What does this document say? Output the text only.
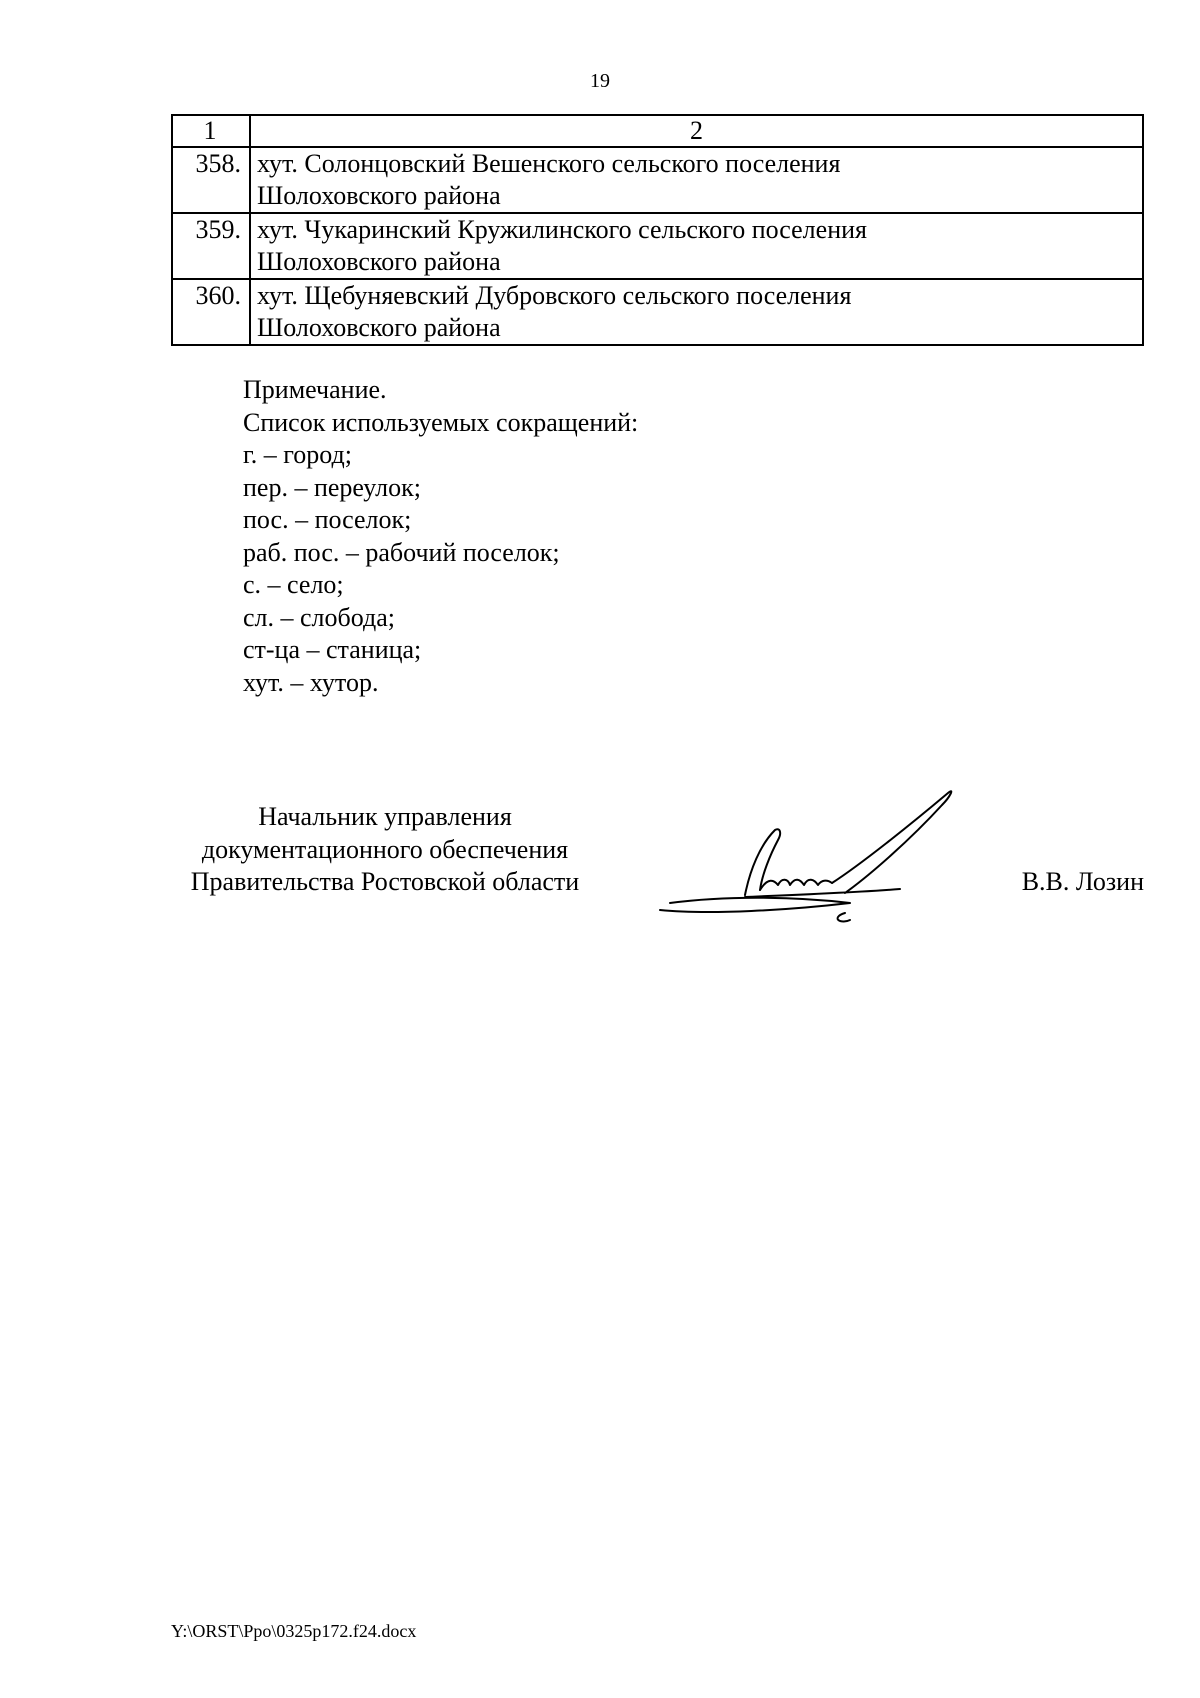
19
1	2
358.	хут. Солонцовский Вешенского сельского поселения
Шолоховского района

359.	хут. Чукаринский Кружилинского сельского поселения
Шолоховского района

360.	хут. Щебуняевский Дубровского сельского поселения
Шолоховского района
Примечание.
Список используемых сокращений:
г. – город;
пер. – переулок;
пос. – поселок;
раб. пос. – рабочий поселок;
с. – село;
сл. – слобода;
ст-ца – станица;
хут. – хутор.
Начальник управления
документационного обеспечения
Правительства Ростовской области	В.В. Лозин
Y:\ORST\Ppo\0325p172.f24.docx
